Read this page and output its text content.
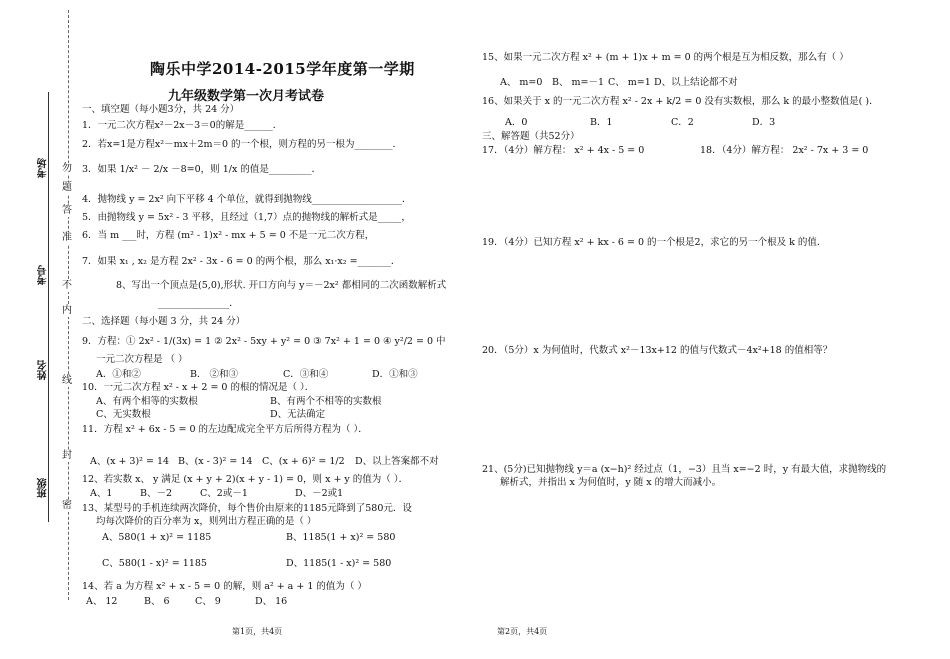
考场
考号
姓名
班级
密
封
线
内
不
准
答
题
勿
陶乐中学2014-2015学年度第一学期
九年级数学第一次月考试卷
一、填空题（每小题3分，共 24 分）
1．一元二次方程x²－2x－3＝0的解是______．
2．若x=1是方程x²－mx＋2m＝0 的一个根，则方程的另一根为________．
3．如果 1/x² － 2/x －8=0，则 1/x 的值是_________．
4．抛物线 y = 2x² 向下平移 4 个单位，就得到抛物线___________________．
5．由抛物线 y = 5x² - 3 平移，且经过（1,7）点的抛物线的解析式是_____，
6．当 m ___时，方程 (m² - 1)x² - mx + 5 = 0 不是一元二次方程，
7．如果 x₁ , x₂ 是方程 2x² - 3x - 6 = 0 的两个根，那么 x₁·x₂ =_______．
8、写出一个顶点是(5,0),形状. 开口方向与 y＝－2x² 都相同的二次函数解析式
_______________．
二、选择题（每小题 3 分，共 24 分）
9．方程：① 2x² - 1/(3x) = 1 ② 2x² - 5xy + y² = 0 ③ 7x² + 1 = 0 ④ y²/2 = 0 中
一元二次方程是 （ ）
A．①和②	B． ②和③	C．③和④	D．①和③
10．一元二次方程 x² - x + 2 = 0 的根的情况是（ ）．
A、有两个相等的实数根	B、有两个不相等的实数根
C、无实数根	D、无法确定
11．方程 x² + 6x - 5 = 0 的左边配成完全平方后所得方程为（ ）．
A、(x + 3)² = 14 B、(x - 3)² = 14 C、(x + 6)² = 1/2 D、以上答案都不对
12、若实数 x、 y 满足 (x + y + 2)(x + y - 1) = 0，则 x + y 的值为（ ）．
A、1	B、－2	C、2或－1	D、－2或1
13、某型号的手机连续两次降价，每个售价由原来的1185元降到了580元．设
均每次降价的百分率为 x，则列出方程正确的是（ ）
A、580(1 + x)² = 1185	B、1185(1 + x)² = 580
C、580(1 - x)² = 1185	D、1185(1 - x)² = 580
14、若 a 为方程 x² + x - 5 = 0 的解，则 a² + a + 1 的值为（ ）
A、 12	B、 6	C、 9	D、 16
第1页，共4页
15、如果一元二次方程 x² + (m + 1)x + m = 0 的两个根是互为相反数，那么有（ ）
A、 m=0 B、 m=－1 C、 m=1 D、以上结论都不对
16、如果关于 x 的一元二次方程 x² - 2x + k/2 = 0 没有实数根，那么 k 的最小整数值是( )．
A．0	B．1	C．2	D．3
三、解答题（共52分）
17．（4分）解方程： x² + 4x - 5 = 0	18．（4分）解方程： 2x² - 7x + 3 = 0
19．（4分）已知方程 x² + kx - 6 = 0 的一个根是2，求它的另一个根及 k 的值．
20．（5分）x 为何值时，代数式 x²－13x+12 的值与代数式－4x²+18 的值相等？
21、(5分)已知抛物线 y＝a (x−h)² 经过点（1，−3）且当 x=−2 时，y 有最大值，求抛物线的
解析式，并指出 x 为何值时，y 随 x 的增大而减小。
第2页，共4页
